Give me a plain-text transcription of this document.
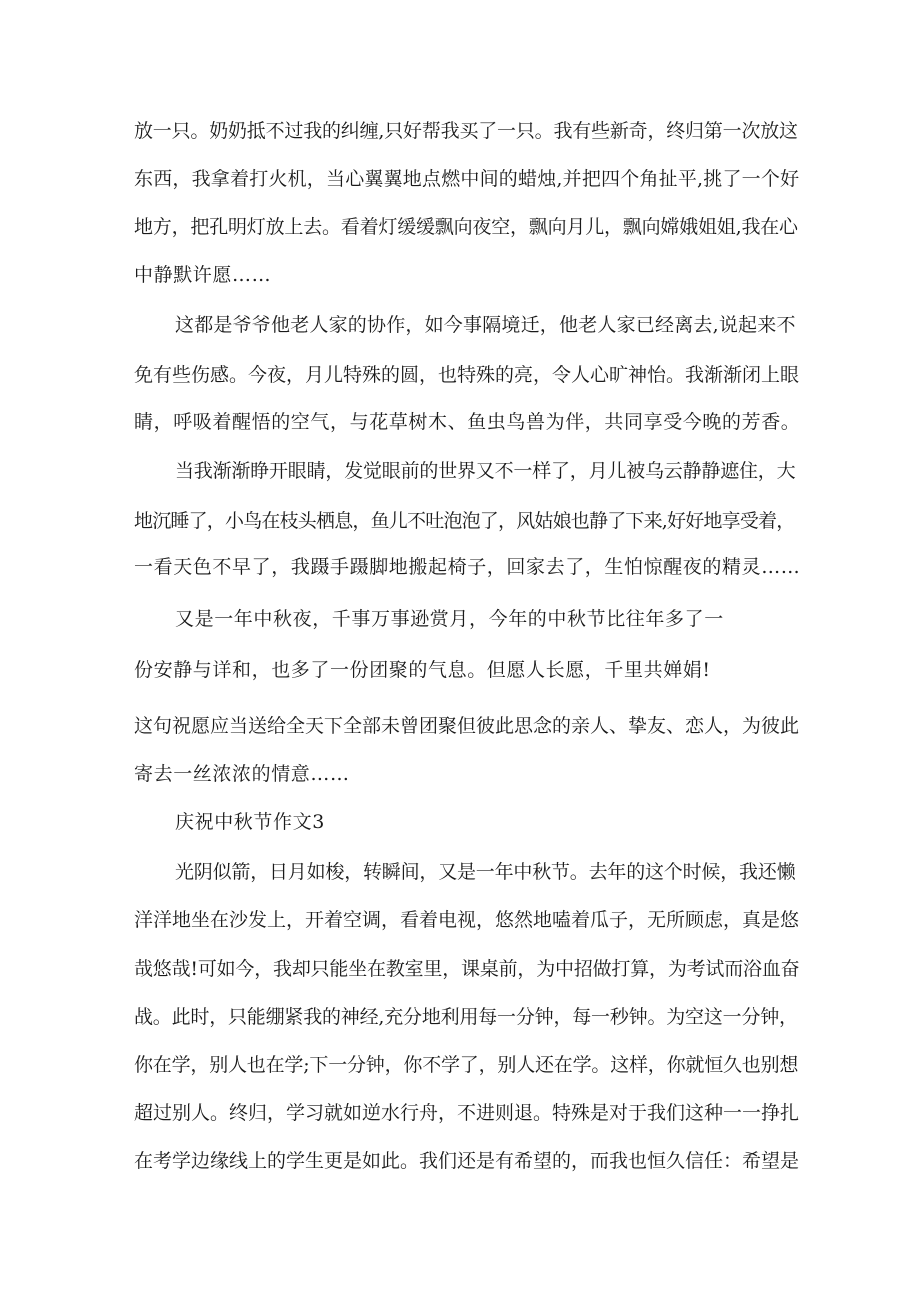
放一只。奶奶抵不过我的纠缠,只好帮我买了一只。我有些新奇，终归第一次放这
东西，我拿着打火机，当心翼翼地点燃中间的蜡烛,并把四个角扯平,挑了一个好
地方，把孔明灯放上去。看着灯缓缓飘向夜空，飘向月儿，飘向嫦娥姐姐,我在心
中静默许愿……
这都是爷爷他老人家的协作，如今事隔境迁，他老人家已经离去,说起来不
免有些伤感。今夜，月儿特殊的圆，也特殊的亮，令人心旷神怡。我渐渐闭上眼
睛，呼吸着醒悟的空气，与花草树木、鱼虫鸟兽为伴，共同享受今晚的芳香。
当我渐渐睁开眼睛，发觉眼前的世界又不一样了，月儿被乌云静静遮住，大
地沉睡了，小鸟在枝头栖息，鱼儿不吐泡泡了，风姑娘也静了下来,好好地享受着，
一看天色不早了，我蹑手蹑脚地搬起椅子，回家去了，生怕惊醒夜的精灵……
又是一年中秋夜，千事万事逊赏月，今年的中秋节比往年多了一
份安静与详和，也多了一份团聚的气息。但愿人长愿，千里共婵娟!
这句祝愿应当送给全天下全部未曾团聚但彼此思念的亲人、挚友、恋人，为彼此
寄去一丝浓浓的情意……
庆祝中秋节作文3
光阴似箭，日月如梭，转瞬间，又是一年中秋节。去年的这个时候，我还懒
洋洋地坐在沙发上，开着空调，看着电视，悠然地嗑着瓜子，无所顾虑，真是悠
哉悠哉!可如今，我却只能坐在教室里，课桌前，为中招做打算，为考试而浴血奋
战。此时，只能绷紧我的神经,充分地利用每一分钟，每一秒钟。为空这一分钟，
你在学，别人也在学;下一分钟，你不学了，别人还在学。这样，你就恒久也别想
超过别人。终归，学习就如逆水行舟，不进则退。特殊是对于我们这种一一挣扎
在考学边缘线上的学生更是如此。我们还是有希望的，而我也恒久信任：希望是
